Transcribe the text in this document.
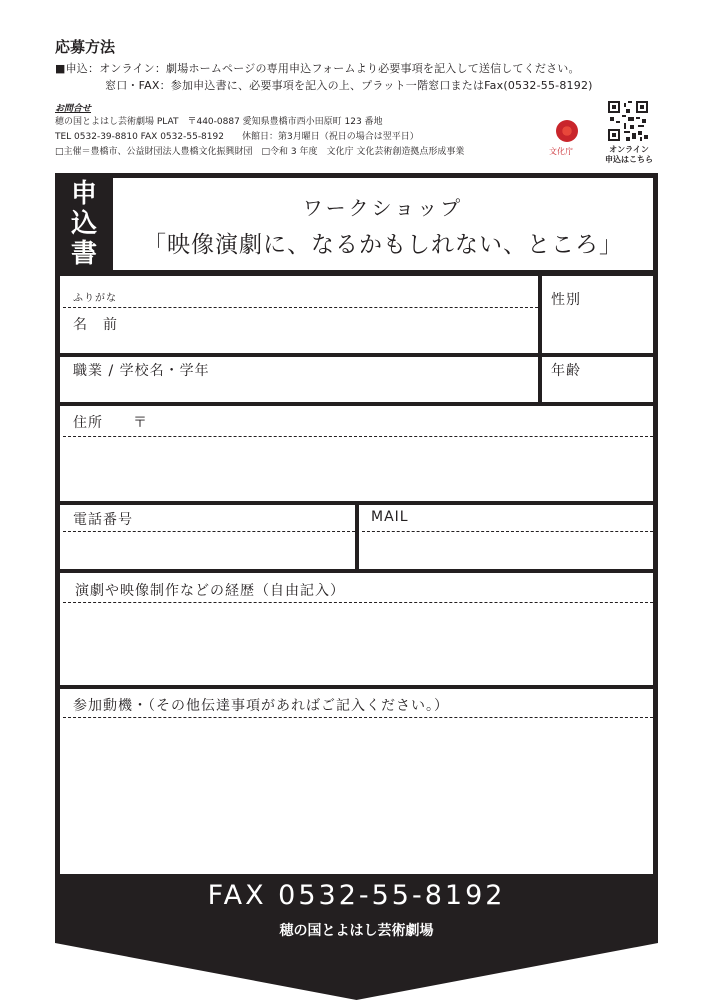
応募方法
■申込：オンライン：劇場ホームページの専用申込フォームより必要事項を記入して送信してください。
窓口・FAX：参加申込書に、必要事項を記入の上、プラット一階窓口またはFax(0532-55-8192)
お問合せ
穂の国とよはし芸術劇場 PLAT　〒440-0887 愛知県豊橋市西小田原町 123 番地
TEL 0532-39-8810 FAX 0532-55-8192　　休館日：第3月曜日（祝日の場合は翌平日）
□主催＝豊橋市、公益財団法人豊橋文化振興財団　□令和 3 年度　文化庁 文化芸術創造拠点形成事業	文化庁	オンライン
申込はこちら
申
込
書
ワークショップ
「映像演劇に、なるかもしれない、ところ」
ふりがな
名　前
性別
職業 / 学校名・学年	年齢
住所　　〒
電話番号	MAIL
演劇や映像制作などの経歴（自由記入）
参加動機・（その他伝達事項があればご記入ください。）
FAX 0532-55-8192
穂の国とよはし芸術劇場
